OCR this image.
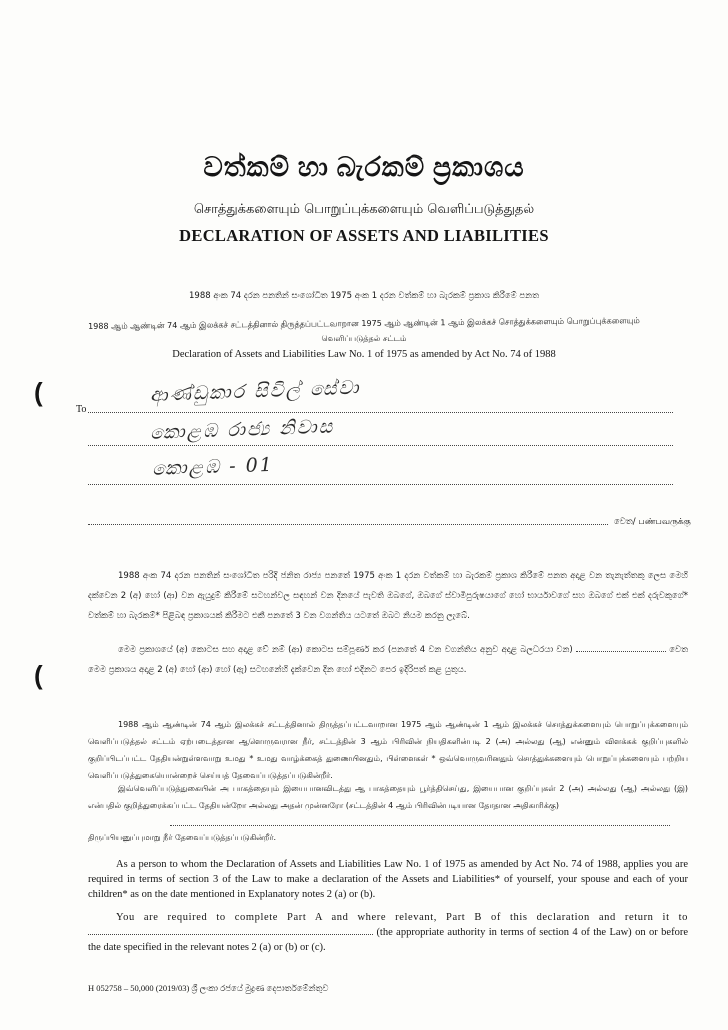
වත්කම් හා බැරකම් ප්‍රකාශය
சொத்துக்களையும் பொறுப்புக்களையும் வெளிப்படுத்துதல்
DECLARATION OF ASSETS AND LIABILITIES
1988 අංක 74 දරන පනතින් සංශෝධිත 1975 අංක 1 දරන වත්කම් හා බැරකම් ප්‍රකාශ කිරීමේ පනත
1988 ஆம் ஆண்டின் 74 ஆம் இலக்கச் சட்டத்தினால் திருத்தப்பட்டவாறான 1975 ஆம் ஆண்டின் 1 ஆம் இலக்கச் சொத்துக்களையும் பொறுப்புக்களையும்
வெளிப்படுத்தல் சட்டம்
Declaration of Assets and Liabilities Law No. 1 of 1975 as amended by Act No. 74 of 1988
(
(
To
ආණ්ඩුකාර සිවිල් සේවා
කොළඹ රාජ්‍ය නිවාස
කොළඹ - 01
වෙත/ பண்பவருக்கு
1988 අංක 74 දරන පනතින් සංශෝධිත පරිදි ජනිත රාජ්‍ය පනතේ 1975 අංක 1 දරන වත්කම් හා බැරකම් ප්‍රකාශ කිරීමේ පනත අදාළ වන තැනැත්තකු ලෙස මෙහි දක්වෙන 2 (අ) හෝ (ආ) වන ඇයුදුම් කිරීමේ සටහන්වල සඳහන් වන දිනයේ පැවති ඔබගේ, ඔබගේ ස්වාමිපුරුෂයාගේ හෝ භාර්යාවගේ සහ ඔබගේ එක් එක් දරුවකුගේ* වත්කම් හා බැරකම්* පිළිබඳ ප්‍රකාශයක් කිරීමට එකී පනතේ 3 වන වගන්තිය යටතේ ඔබට නියම කරනු ලැබේ.
මෙම ප්‍රකාශයේ (අ) කොටස සහ අදාළ වේ නම් (ආ) කොටස සම්පූර්ණ කර (පනතේ 4 වන වගන්තිය අනුව අදාළ බලධරයා වන)	වෙත මෙම ප්‍රකාශය අදාළ 2 (අ) හෝ (ආ) හෝ (ඇ) සටහනේහි දැක්වෙන දින හෝ එදිනට පෙර ඉදිරිපත් කළ යුතුය.
1988 ஆம் ஆண்டின் 74 ஆம் இலக்கச் சட்டத்தினால் திருத்தப்பட்டவாறான 1975 ஆம் ஆண்டின் 1 ஆம் இலக்கச் சொத்துக்களையும் பொறுப்புக்களையும் வெளிப்படுத்தல் சட்டம் ஏற்படைத்தான ஆளொருவரான நீர், சட்டத்தின் 3 ஆம் பிரிவின் நியதிகளின்படி 2 (அ) அல்லது (ஆ) என்னும் விளக்கக் குறிப்புகளில் குறிப்பிடப்பட்ட தேதியன்றுள்ளவாறு உமது * உமது வாழ்க்கைத் துணையினதும், பிள்ளைகள் * ஒவ்வொருவரினதும் சொத்துக்களையும் பொறுப்புக்களையும் பற்றிய வெளிப்படுத்துகையொன்றைச் செய்யத் தேவைப்படுத்தப்படுகின்றீர்.
இவ்வெளிப்படுத்துகையின் அ பாகத்தையும் இயைபானவிடத்து ஆ பாகத்தையும் பூர்த்திசெய்து, இயைபான குறிப்புகள் 2 (அ) அல்லது (ஆ) அல்லது (இ) என்பதில் குறித்துரைக்கப்பட்ட தேதியன்றோ அல்லது அதன் முன்னரோ (சட்டத்தின் 4 ஆம் பிரிவின்படியான தோதான அதிகாரிக்கு)
திருப்பியனுப்புமாறு நீர் தேவைப்படுத்தப்படுகின்றீர்.
As a person to whom the Declaration of Assets and Liabilities Law No. 1 of 1975 as amended by Act No. 74 of 1988, applies you are required in terms of section 3 of the Law to make a declaration of the Assets and Liabilities* of yourself, your spouse and each of your children* as on the date mentioned in Explanatory notes 2 (a) or (b).
You are required to complete Part A and where relevant, Part B of this declaration and return it to  (the appropriate authority in terms of section 4 of the Law) on or before the date specified in the relevant notes 2 (a) or (b) or (c).
H 052758 – 50,000 (2019/03) ශ්‍රී ලංකා රජයේ මුද්‍රණ දෙපාර්තමේන්තුව
